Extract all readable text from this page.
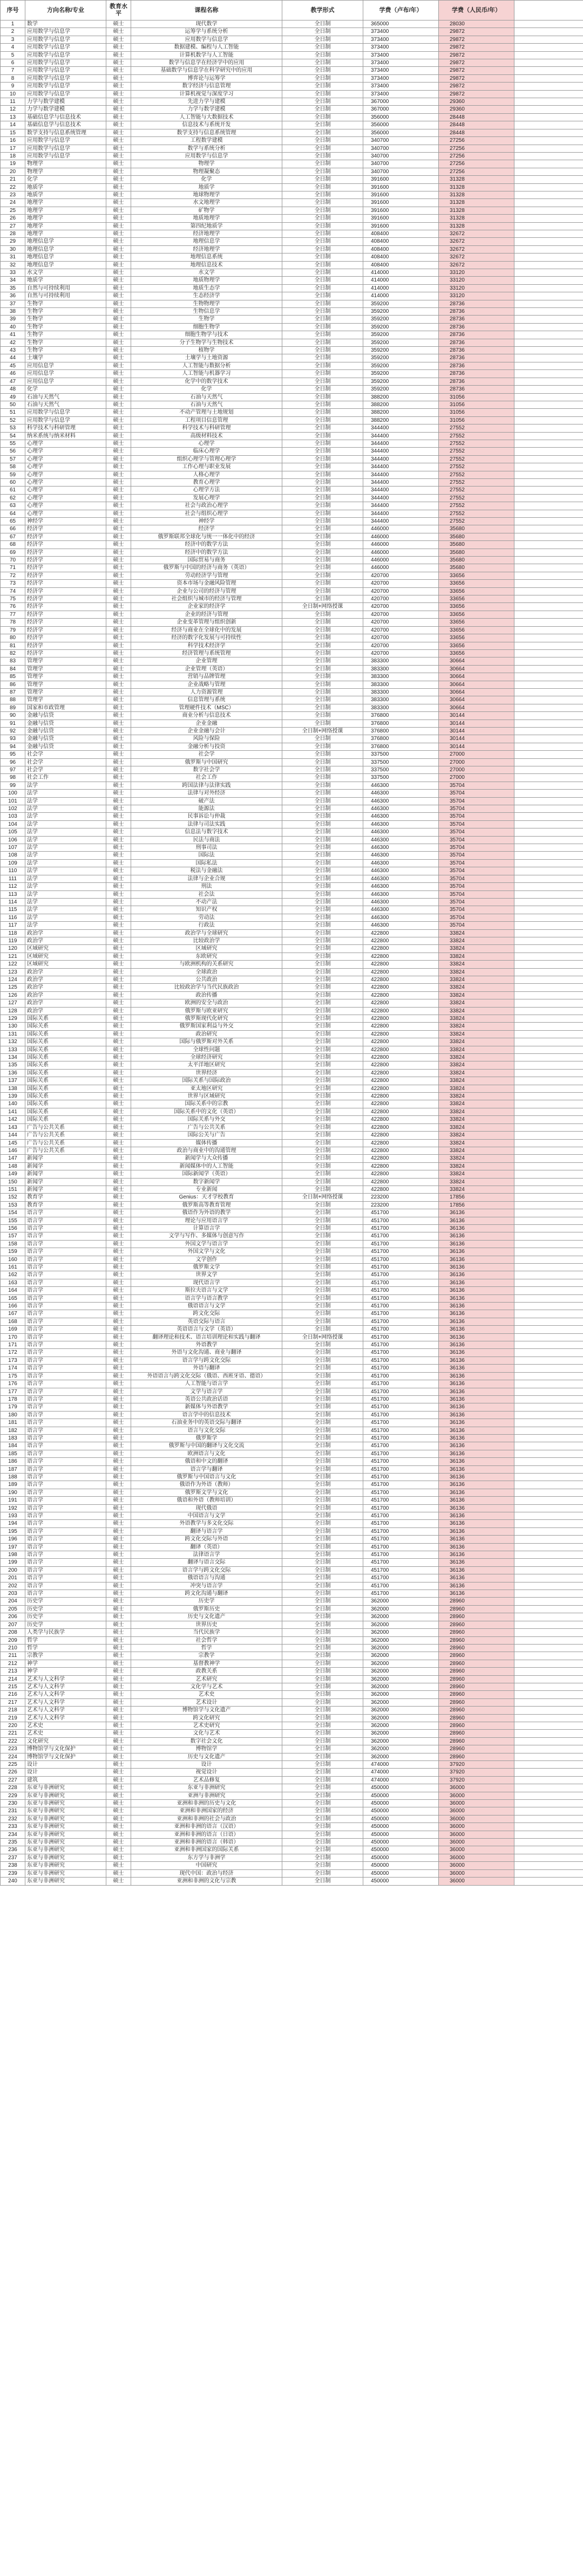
序号	方向名称/专业	教育水平	课程名称	教学形式	学费（卢布/年）	学费（人民币/年）	
1	数学	硕士	现代数学	全日制	365000	28030	
2	应用数学与信息学	硕士	运筹学与系统分析	全日制	373400	29872	
3	应用数学与信息学	硕士	应用数学与信息学	全日制	373400	29872	
4	应用数学与信息学	硕士	数据建模、编程与人工智能	全日制	373400	29872	
5	应用数学与信息学	硕士	计算机数学与人工智能	全日制	373400	29872	
6	应用数学与信息学	硕士	数学与信息学在经济学中的应用	全日制	373400	29872	
7	应用数学与信息学	硕士	基础数学与信息学在科学研究中的应用	全日制	373400	29872	
8	应用数学与信息学	硕士	博弈论与运筹学	全日制	373400	29872	
9	应用数学与信息学	硕士	数字经济与信息管理	全日制	373400	29872	
10	应用数学与信息学	硕士	计算机视觉与深度学习	全日制	373400	29872	
11	力学与数学建模	硕士	先进力学与建模	全日制	367000	29360	
12	力学与数学建模	硕士	力学与数学建模	全日制	367000	29360	
13	基础信息学与信息技术	硕士	人工智能与大数据技术	全日制	356000	28448	
14	基础信息学与信息技术	硕士	信息技术与系统开发	全日制	356000	28448	
15	数学支持与信息系统管理	硕士	数学支持与信息系统管理	全日制	356000	28448	
16	应用数学与信息学	硕士	工程数学建模	全日制	340700	27256	
17	应用数学与信息学	硕士	数学与系统分析	全日制	340700	27256	
18	应用数学与信息学	硕士	应用数学与信息学	全日制	340700	27256	
19	物理学	硕士	物理学	全日制	340700	27256	
20	物理学	硕士	物理凝聚态	全日制	340700	27256	
21	化学	硕士	化学	全日制	391600	31328	
22	地质学	硕士	地质学	全日制	391600	31328	
23	地质学	硕士	地球物理学	全日制	391600	31328	
24	地理学	硕士	水文地理学	全日制	391600	31328	
25	地理学	硕士	矿物学	全日制	391600	31328	
26	地理学	硕士	地质地理学	全日制	391600	31328	
27	地理学	硕士	第四纪地质学	全日制	391600	31328	
28	地理学	硕士	经济地理学	全日制	408400	32672	
29	地理信息学	硕士	地理信息学	全日制	408400	32672	
30	地理信息学	硕士	经济地理学	全日制	408400	32672	
31	地理信息学	硕士	地理信息系统	全日制	408400	32672	
32	地理信息学	硕士	地理信息技术	全日制	408400	32672	
33	水文学	硕士	水文学	全日制	414000	33120	
34	地质学	硕士	地质物理学	全日制	414000	33120	
35	自然与可持续利用	硕士	地质生态学	全日制	414000	33120	
36	自然与可持续利用	硕士	生态经济学	全日制	414000	33120	
37	生物学	硕士	生物物理学	全日制	359200	28736	
38	生物学	硕士	生物信息学	全日制	359200	28736	
39	生物学	硕士	生物学	全日制	359200	28736	
40	生物学	硕士	细胞生物学	全日制	359200	28736	
41	生物学	硕士	细胞生物学与技术	全日制	359200	28736	
42	生物学	硕士	分子生物学与生物技术	全日制	359200	28736	
43	生物学	硕士	植物学	全日制	359200	28736	
44	土壤学	硕士	土壤学与土地资源	全日制	359200	28736	
45	应用信息学	硕士	人工智能与数据分析	全日制	359200	28736	
46	应用信息学	硕士	人工智能与机器学习	全日制	359200	28736	
47	应用信息学	硕士	化学中的数学技术	全日制	359200	28736	
48	化学	硕士	化学	全日制	359200	28736	
49	石油与天然气	硕士	石油与天然气	全日制	388200	31056	
50	石油与天然气	硕士	石油与天然气	全日制	388200	31056	
51	应用数学与信息学	硕士	不动产管理与土地规划	全日制	388200	31056	
52	应用数学与信息学	硕士	工程项目信息管理	全日制	388200	31056	
53	科学技术与科研管理	硕士	科学技术与科研管理	全日制	344400	27552	
54	纳米系统与纳米材料	硕士	高级材料技术	全日制	344400	27552	
55	心理学	硕士	心理学	全日制	344400	27552	
56	心理学	硕士	临床心理学	全日制	344400	27552	
57	心理学	硕士	组织心理学与管理心理学	全日制	344400	27552	
58	心理学	硕士	工作心理与职业发展	全日制	344400	27552	
59	心理学	硕士	人格心理学	全日制	344400	27552	
60	心理学	硕士	教育心理学	全日制	344400	27552	
61	心理学	硕士	心理学方法	全日制	344400	27552	
62	心理学	硕士	发展心理学	全日制	344400	27552	
63	心理学	硕士	社会与政治心理学	全日制	344400	27552	
64	心理学	硕士	社会与组织心理学	全日制	344400	27552	
65	神经学	硕士	神经学	全日制	344400	27552	
66	经济学	硕士	经济学	全日制	446000	35680	
67	经济学	硕士	俄罗斯联邦全球化与统一一体化中的经济	全日制	446000	35680	
68	经济学	硕士	经济中的数学方法	全日制	446000	35680	
69	经济学	硕士	经济中的数学方法	全日制	446000	35680	
70	经济学	硕士	国际贸易与商务	全日制	446000	35680	
71	经济学	硕士	俄罗斯与中国的经济与商务（英语）	全日制	446000	35680	
72	经济学	硕士	劳动经济学与管理	全日制	420700	33656	
73	经济学	硕士	资本市场与金融风险管理	全日制	420700	33656	
74	经济学	硕士	企业与公司的经济与管理	全日制	420700	33656	
75	经济学	硕士	社会组织与城市的经济与管理	全日制	420700	33656	
76	经济学	硕士	企业家的经济学	全日制+网络授课	420700	33656	
77	经济学	硕士	企业的经济与管理	全日制	420700	33656	
78	经济学	硕士	企业变革管理与组织创新	全日制	420700	33656	
79	经济学	硕士	经济与商业在全球化中的发展	全日制	420700	33656	
80	经济学	硕士	经济的数字化发展与可持续性	全日制	420700	33656	
81	经济学	硕士	科学技术经济学	全日制	420700	33656	
82	经济学	硕士	经济管理与系统管理	全日制	420700	33656	
83	管理学	硕士	企业管理	全日制	383300	30664	
84	管理学	硕士	企业管理（英语）	全日制	383300	30664	
85	管理学	硕士	营销与品牌管理	全日制	383300	30664	
86	管理学	硕士	企业战略与管理	全日制	383300	30664	
87	管理学	硕士	人力资源管理	全日制	383300	30664	
88	管理学	硕士	信息管理与系统	全日制	383300	30664	
89	国家和市政管理	硕士	管理硬件技术（MSC）	全日制	383300	30664	
90	金融与信贷	硕士	商业分析与信息技术	全日制	376800	30144	
91	金融与信贷	硕士	企业金融	全日制	376800	30144	
92	金融与信贷	硕士	企业金融与会计	全日制+网络授课	376800	30144	
93	金融与信贷	硕士	风险与保险	全日制	376800	30144	
94	金融与信贷	硕士	金融分析与投资	全日制	376800	30144	
95	社会学	硕士	社会学	全日制	337500	27000	
96	社会学	硕士	俄罗斯与中国研究	全日制	337500	27000	
97	社会学	硕士	数字社会学	全日制	337500	27000	
98	社会工作	硕士	社会工作	全日制	337500	27000	
99	法学	硕士	跨国法律与法律实践	全日制	446300	35704	
100	法学	硕士	法律与对外经济	全日制	446300	35704	
101	法学	硕士	破产法	全日制	446300	35704	
102	法学	硕士	能源法	全日制	446300	35704	
103	法学	硕士	民事诉讼与仲裁	全日制	446300	35704	
104	法学	硕士	法律与司法实践	全日制	446300	35704	
105	法学	硕士	信息法与数字技术	全日制	446300	35704	
106	法学	硕士	民法与商法	全日制	446300	35704	
107	法学	硕士	刑事司法	全日制	446300	35704	
108	法学	硕士	国际法	全日制	446300	35704	
109	法学	硕士	国际私法	全日制	446300	35704	
110	法学	硕士	税法与金融法	全日制	446300	35704	
111	法学	硕士	法律与企业合规	全日制	446300	35704	
112	法学	硕士	刑法	全日制	446300	35704	
113	法学	硕士	社会法	全日制	446300	35704	
114	法学	硕士	不动产法	全日制	446300	35704	
115	法学	硕士	知识产权	全日制	446300	35704	
116	法学	硕士	劳动法	全日制	446300	35704	
117	法学	硕士	行政法	全日制	446300	35704	
118	政治学	硕士	政治学与全球研究	全日制	422800	33824	
119	政治学	硕士	比较政治学	全日制	422800	33824	
120	区域研究	硕士	区域研究	全日制	422800	33824	
121	区域研究	硕士	东欧研究	全日制	422800	33824	
122	区域研究	硕士	与欧洲机构的关系研究	全日制	422800	33824	
123	政治学	硕士	全球政治	全日制	422800	33824	
124	政治学	硕士	公共政治	全日制	422800	33824	
125	政治学	硕士	比较政治学与当代民族政治	全日制	422800	33824	
126	政治学	硕士	政治传播	全日制	422800	33824	
127	政治学	硕士	欧洲的安全与政治	全日制	422800	33824	
128	政治学	硕士	俄罗斯与欧亚研究	全日制	422800	33824	
129	国际关系	硕士	俄罗斯现代化研究	全日制	422800	33824	
130	国际关系	硕士	俄罗斯国家利益与外交	全日制	422800	33824	
131	国际关系	硕士	政治研究	全日制	422800	33824	
132	国际关系	硕士	国际与俄罗斯对外关系	全日制	422800	33824	
133	国际关系	硕士	全球性问题	全日制	422800	33824	
134	国际关系	硕士	全球经济研究	全日制	422800	33824	
135	国际关系	硕士	太平洋地区研究	全日制	422800	33824	
136	国际关系	硕士	世界经济	全日制	422800	33824	
137	国际关系	硕士	国际关系与国际政治	全日制	422800	33824	
138	国际关系	硕士	亚太地区研究	全日制	422800	33824	
139	国际关系	硕士	世界与区域研究	全日制	422800	33824	
140	国际关系	硕士	国际关系中的宗教	全日制	422800	33824	
141	国际关系	硕士	国际关系中的文化（英语）	全日制	422800	33824	
142	国际关系	硕士	国际关系与外交	全日制	422800	33824	
143	广告与公共关系	硕士	广告与公共关系	全日制	422800	33824	
144	广告与公共关系	硕士	国际公关与广告	全日制	422800	33824	
145	广告与公共关系	硕士	媒体传播	全日制	422800	33824	
146	广告与公共关系	硕士	政治与商业中的沟通管理	全日制	422800	33824	
147	新闻学	硕士	新闻学与大众传播	全日制	422800	33824	
148	新闻学	硕士	新闻媒体中的人工智能	全日制	422800	33824	
149	新闻学	硕士	国际新闻学（英语）	全日制	422800	33824	
150	新闻学	硕士	数字新闻学	全日制	422800	33824	
151	新闻学	硕士	专业新闻	全日制	422800	33824	
152	教育学	硕士	Genius：天才学校教育	全日制+网络授课	223200	17856	
153	教育学	硕士	俄罗斯高等教育管理	全日制	223200	17856	
154	语言学	硕士	俄语作为外语的教学	全日制	451700	36136	
155	语言学	硕士	理论与应用语言学	全日制	451700	36136	
156	语言学	硕士	计算语言学	全日制	451700	36136	
157	语言学	硕士	文学与写作、多媒体与创意写作	全日制	451700	36136	
158	语言学	硕士	外国文学与语言学	全日制	451700	36136	
159	语言学	硕士	外国文学与文化	全日制	451700	36136	
160	语言学	硕士	文学创作	全日制	451700	36136	
161	语言学	硕士	俄罗斯文学	全日制	451700	36136	
162	语言学	硕士	世界文学	全日制	451700	36136	
163	语言学	硕士	现代语言学	全日制	451700	36136	
164	语言学	硕士	斯拉夫语言与文学	全日制	451700	36136	
165	语言学	硕士	语言学与语言教学	全日制	451700	36136	
166	语言学	硕士	俄语语言与文学	全日制	451700	36136	
167	语言学	硕士	跨文化交际	全日制	451700	36136	
168	语言学	硕士	英语交际与语言	全日制	451700	36136	
169	语言学	硕士	英语语言与文学（英语）	全日制	451700	36136	
170	语言学	硕士	翻译理论和技术、语言培训理论和实践与翻译	全日制+网络授课	451700	36136	
171	语言学	硕士	外语教学	全日制	451700	36136	
172	语言学	硕士	外语与文化沟通、商业与翻译	全日制	451700	36136	
173	语言学	硕士	语言学与跨文化交际	全日制	451700	36136	
174	语言学	硕士	外语与翻译	全日制	451700	36136	
175	语言学	硕士	外语语言与跨文化交际（俄语、西班牙语、德语）	全日制	451700	36136	
176	语言学	硕士	人工智能与语言学	全日制	451700	36136	
177	语言学	硕士	文学与语言学	全日制	451700	36136	
178	语言学	硕士	英语公共政治话语	全日制	451700	36136	
179	语言学	硕士	新媒体与外语教学	全日制	451700	36136	
180	语言学	硕士	语言学中的信息技术	全日制	451700	36136	
181	语言学	硕士	石油业务中的英语交际与翻译	全日制	451700	36136	
182	语言学	硕士	语言与文化交际	全日制	451700	36136	
183	语言学	硕士	俄罗斯学	全日制	451700	36136	
184	语言学	硕士	俄罗斯与中国的翻译与文化交流	全日制	451700	36136	
185	语言学	硕士	欧洲语言与文化	全日制	451700	36136	
186	语言学	硕士	俄语和中文的翻译	全日制	451700	36136	
187	语言学	硕士	语言学与翻译	全日制	451700	36136	
188	语言学	硕士	俄罗斯与中国语言与文化	全日制	451700	36136	
189	语言学	硕士	俄语作为外语（教师）	全日制	451700	36136	
190	语言学	硕士	俄罗斯文学与文化	全日制	451700	36136	
191	语言学	硕士	俄语和外语（教师培训）	全日制	451700	36136	
192	语言学	硕士	现代俄语	全日制	451700	36136	
193	语言学	硕士	中国语言与文学	全日制	451700	36136	
194	语言学	硕士	外语教学与多文化交际	全日制	451700	36136	
195	语言学	硕士	翻译与语言学	全日制	451700	36136	
196	语言学	硕士	跨文化交际与外语	全日制	451700	36136	
197	语言学	硕士	翻译（英语）	全日制	451700	36136	
198	语言学	硕士	法律语言学	全日制	451700	36136	
199	语言学	硕士	翻译与语言交际	全日制	451700	36136	
200	语言学	硕士	语言学与跨文化交际	全日制	451700	36136	
201	语言学	硕士	俄语语言与沟通	全日制	451700	36136	
202	语言学	硕士	冲突与语言学	全日制	451700	36136	
203	语言学	硕士	跨文化沟通与翻译	全日制	451700	36136	
204	历史学	硕士	历史学	全日制	362000	28960	
205	历史学	硕士	俄罗斯历史	全日制	362000	28960	
206	历史学	硕士	历史与文化遗产	全日制	362000	28960	
207	历史学	硕士	世界历史	全日制	362000	28960	
208	人类学与民族学	硕士	当代民族学	全日制	362000	28960	
209	哲学	硕士	社会哲学	全日制	362000	28960	
210	哲学	硕士	哲学	全日制	362000	28960	
211	宗教学	硕士	宗教学	全日制	362000	28960	
212	神学	硕士	基督教神学	全日制	362000	28960	
213	神学	硕士	政教关系	全日制	362000	28960	
214	艺术与人文科学	硕士	艺术研究	全日制	362000	28960	
215	艺术与人文科学	硕士	文化学与艺术	全日制	362000	28960	
216	艺术与人文科学	硕士	艺术史	全日制	362000	28960	
217	艺术与人文科学	硕士	艺术设计	全日制	362000	28960	
218	艺术与人文科学	硕士	博物馆学与文化遗产	全日制	362000	28960	
219	艺术与人文科学	硕士	跨文化研究	全日制	362000	28960	
220	艺术史	硕士	艺术史研究	全日制	362000	28960	
221	艺术史	硕士	文化与艺术	全日制	362000	28960	
222	文化研究	硕士	数字社会文化	全日制	362000	28960	
223	博物馆学与文化保护	硕士	博物馆学	全日制	362000	28960	
224	博物馆学与文化保护	硕士	历史与文化遗产	全日制	362000	28960	
225	设计	硕士	设计	全日制	474000	37920	
226	设计	硕士	视觉设计	全日制	474000	37920	
227	建筑	硕士	艺术品修复	全日制	474000	37920	
228	东亚与非洲研究	硕士	东亚与非洲研究	全日制	450000	36000	
229	东亚与非洲研究	硕士	亚洲与非洲研究	全日制	450000	36000	
230	东亚与非洲研究	硕士	亚洲和非洲的历史与文化	全日制	450000	36000	
231	东亚与非洲研究	硕士	亚洲和非洲国家的经济	全日制	450000	36000	
232	东亚与非洲研究	硕士	亚洲和非洲的社会与政治	全日制	450000	36000	
233	东亚与非洲研究	硕士	亚洲和非洲的语言（汉语）	全日制	450000	36000	
234	东亚与非洲研究	硕士	亚洲和非洲的语言（日语）	全日制	450000	36000	
235	东亚与非洲研究	硕士	亚洲和非洲的语言（韩语）	全日制	450000	36000	
236	东亚与非洲研究	硕士	亚洲和非洲国家的国际关系	全日制	450000	36000	
237	东亚与非洲研究	硕士	东方学与非洲学	全日制	450000	36000	
238	东亚与非洲研究	硕士	中国研究	全日制	450000	36000	
239	东亚与非洲研究	硕士	现代中国：政治与经济	全日制	450000	36000	
240	东亚与非洲研究	硕士	亚洲和非洲的文化与宗教	全日制	450000	36000	
